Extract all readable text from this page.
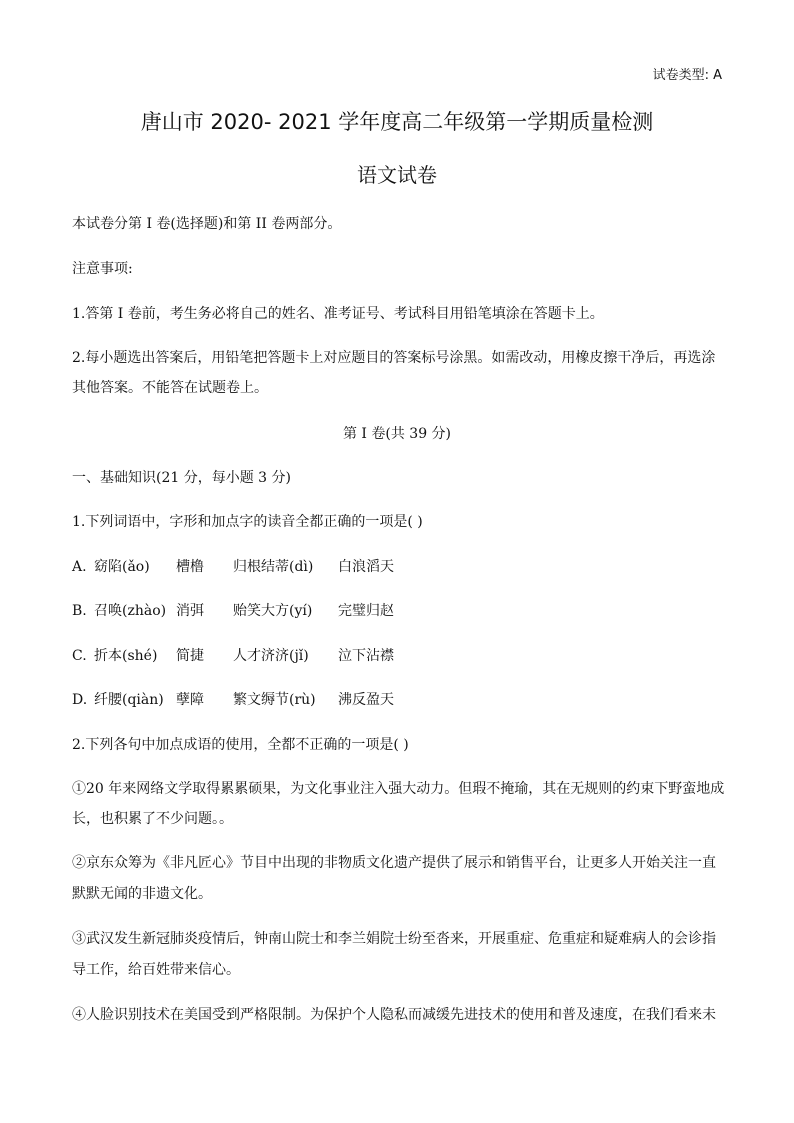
试卷类型: A
唐山市 2020- 2021 学年度高二年级第一学期质量检测
语文试卷
本试卷分第 I 卷(选择题)和第 II 卷两部分。
注意事项:
1.答第 I 卷前，考生务必将自己的姓名、准考证号、考试科目用铅笔填涂在答题卡上。
2.每小题选出答案后，用铅笔把答题卡上对应题目的答案标号涂黑。如需改动，用橡皮擦干净后，再选涂
其他答案。不能答在试题卷上。
第 I 卷(共 39 分)
一、基础知识(21 分，每小题 3 分)
1.下列词语中，字形和加点字的读音全都正确的一项是( )
A. 窈陷(ǎo) 槽橹 归根结蒂(dì) 白浪滔天
B. 召唤(zhào) 消弭 贻笑大方(yí) 完璧归赵
C. 折本(shé) 简捷 人才济济(jǐ) 泣下沾襟
D. 纤腰(qiàn) 孽障 繁文缛节(rù) 沸反盈天
2.下列各句中加点成语的使用，全都不正确的一项是( )
①20 年来网络文学取得累累硕果，为文化事业注入强大动力。但瑕不掩瑜，其在无规则的约束下野蛮地成
长，也积累了不少问题。。
②京东众筹为《非凡匠心》节目中出现的非物质文化遗产提供了展示和销售平台，让更多人开始关注一直
默默无闻的非遗文化。
③武汉发生新冠肺炎疫情后，钟南山院士和李兰娟院士纷至沓来，开展重症、危重症和疑难病人的会诊指
导工作，给百姓带来信心。
④人脸识别技术在美国受到严格限制。为保护个人隐私而减缓先进技术的使用和普及速度，在我们看来未
